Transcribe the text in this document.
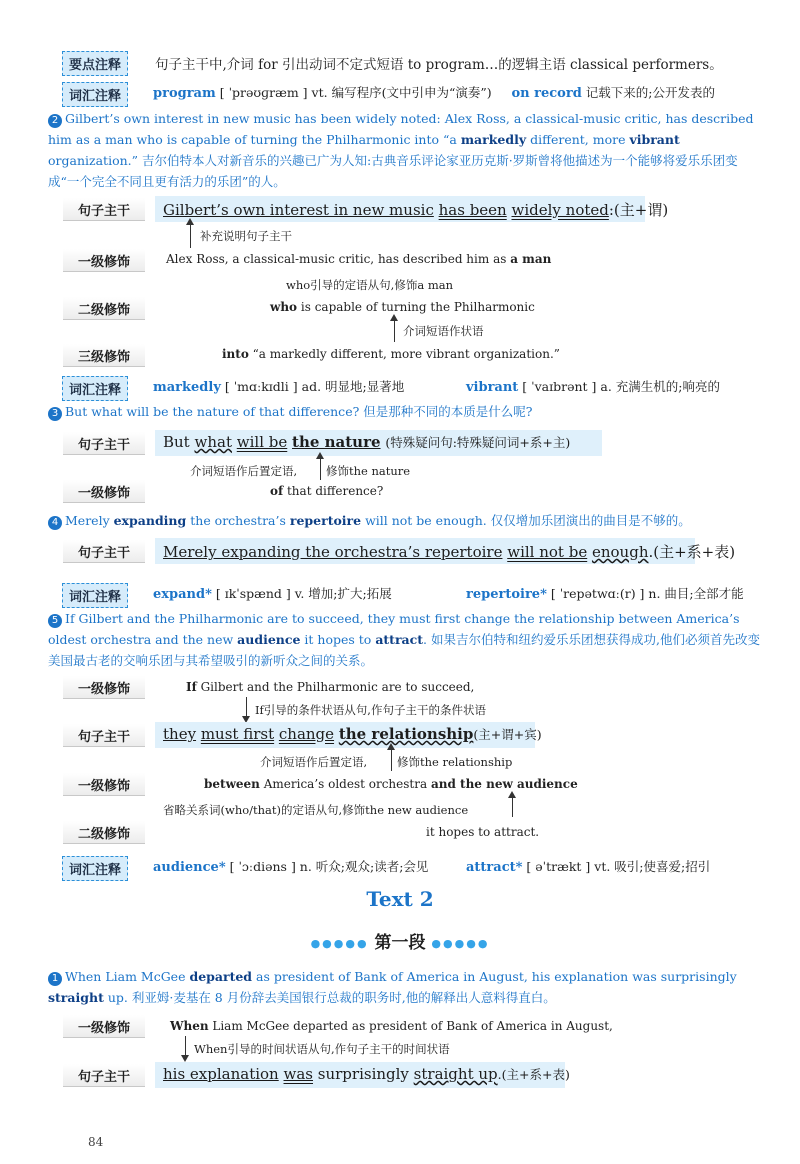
要点注释	句子主干中,介词 for 引出动词不定式短语 to program…的逻辑主语 classical performers。
词汇注释	program [ ˈprəʊɡræm ] vt. 编写程序(文中引申为“演奏”) on record 记载下来的;公开发表的
2 Gilbert’s own interest in new music has been widely noted: Alex Ross, a classical-music critic, has described him as a man who is capable of turning the Philharmonic into “a markedly different, more vibrant organization.” 吉尔伯特本人对新音乐的兴趣已广为人知:古典音乐评论家亚历克斯·罗斯曾将他描述为一个能够将爱乐乐团变成“一个完全不同且更有活力的乐团”的人。
句子主干	Gilbert’s own interest in new music has been widely noted:(主+谓)
补充说明句子主干
一级修饰	Alex Ross, a classical-music critic, has described him as a man
who引导的定语从句,修饰a man
二级修饰	who is capable of turning the Philharmonic
介词短语作状语
三级修饰	into “a markedly different, more vibrant organization.”
词汇注释	markedly [ ˈmɑːkɪdli ] ad. 明显地;显著地	vibrant [ ˈvaɪbrənt ] a. 充满生机的;响亮的
3 But what will be the nature of that difference? 但是那种不同的本质是什么呢?
句子主干	But what will be the nature (特殊疑问句:特殊疑问词+系+主)
介词短语作后置定语,	修饰the nature
一级修饰	of that difference?
4 Merely expanding the orchestra’s repertoire will not be enough. 仅仅增加乐团演出的曲目是不够的。
句子主干	Merely expanding the orchestra’s repertoire will not be enough.(主+系+表)
词汇注释	expand* [ ɪkˈspænd ] v. 增加;扩大;拓展	repertoire* [ ˈrepətwɑː(r) ] n. 曲目;全部才能
5 If Gilbert and the Philharmonic are to succeed, they must first change the relationship between America’s oldest orchestra and the new audience it hopes to attract. 如果吉尔伯特和纽约爱乐乐团想获得成功,他们必须首先改变美国最古老的交响乐团与其希望吸引的新听众之间的关系。
一级修饰	If Gilbert and the Philharmonic are to succeed,
If引导的条件状语从句,作句子主干的条件状语
句子主干	they must first change the relationship(主+谓+宾)
介词短语作后置定语,	修饰the relationship
一级修饰	between America’s oldest orchestra and the new audience
省略关系词(who/that)的定语从句,修饰the new audience
二级修饰	it hopes to attract.
词汇注释	audience* [ ˈɔːdiəns ] n. 听众;观众;读者;会见	attract* [ əˈtrækt ] vt. 吸引;使喜爱;招引
Text 2
●●●●● 第一段 ●●●●●
1 When Liam McGee departed as president of Bank of America in August, his explanation was surprisingly straight up. 利亚姆·麦基在 8 月份辞去美国银行总裁的职务时,他的解释出人意料得直白。
一级修饰	When Liam McGee departed as president of Bank of America in August,
When引导的时间状语从句,作句子主干的时间状语
句子主干	his explanation was surprisingly straight up.(主+系+表)
84
